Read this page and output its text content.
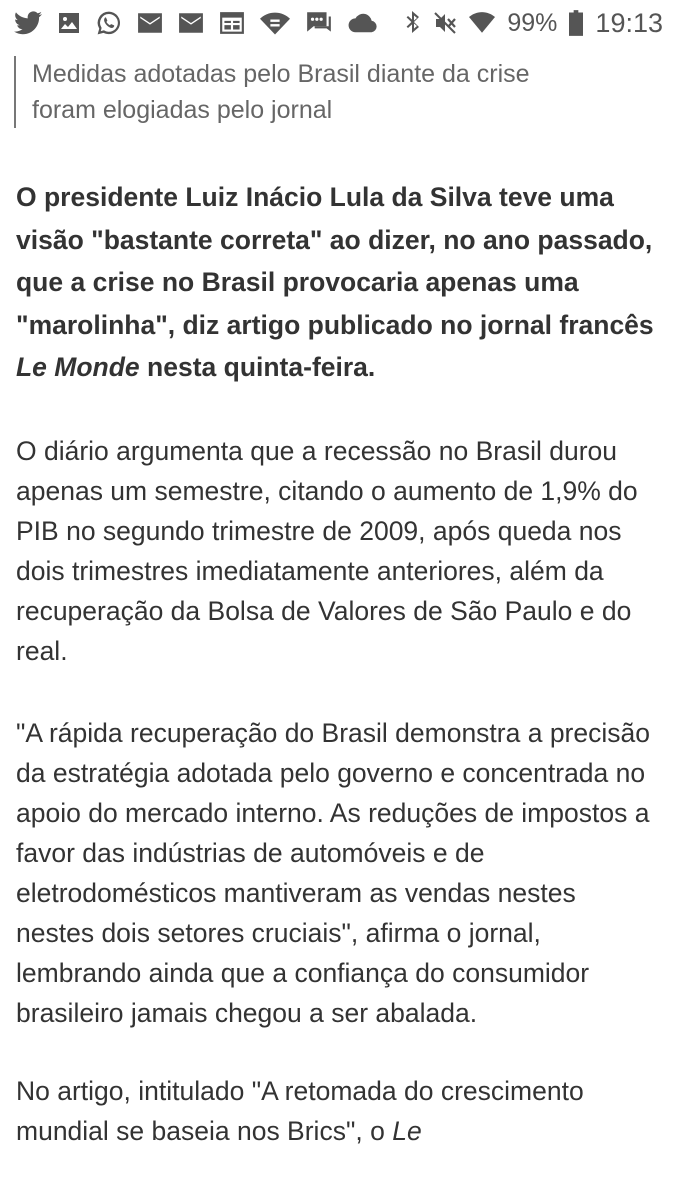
99% 19:13
Medidas adotadas pelo Brasil diante da crise
foram elogiadas pelo jornal

O presidente Luiz Inácio Lula da Silva teve uma visão "bastante correta" ao dizer, no ano passado, que a crise no Brasil provocaria apenas uma "marolinha", diz artigo publicado no jornal francês Le Monde nesta quinta-feira.

O diário argumenta que a recessão no Brasil durou apenas um semestre, citando o aumento de 1,9% do PIB no segundo trimestre de 2009, após queda nos dois trimestres imediatamente anteriores, além da recuperação da Bolsa de Valores de São Paulo e do real.

"A rápida recuperação do Brasil demonstra a precisão da estratégia adotada pelo governo e concentrada no apoio do mercado interno. As reduções de impostos a favor das indústrias de automóveis e de eletrodomésticos mantiveram as vendas nestes nestes dois setores cruciais", afirma o jornal, lembrando ainda que a confiança do consumidor brasileiro jamais chegou a ser abalada.

No artigo, intitulado "A retomada do crescimento mundial se baseia nos Brics", o Le
